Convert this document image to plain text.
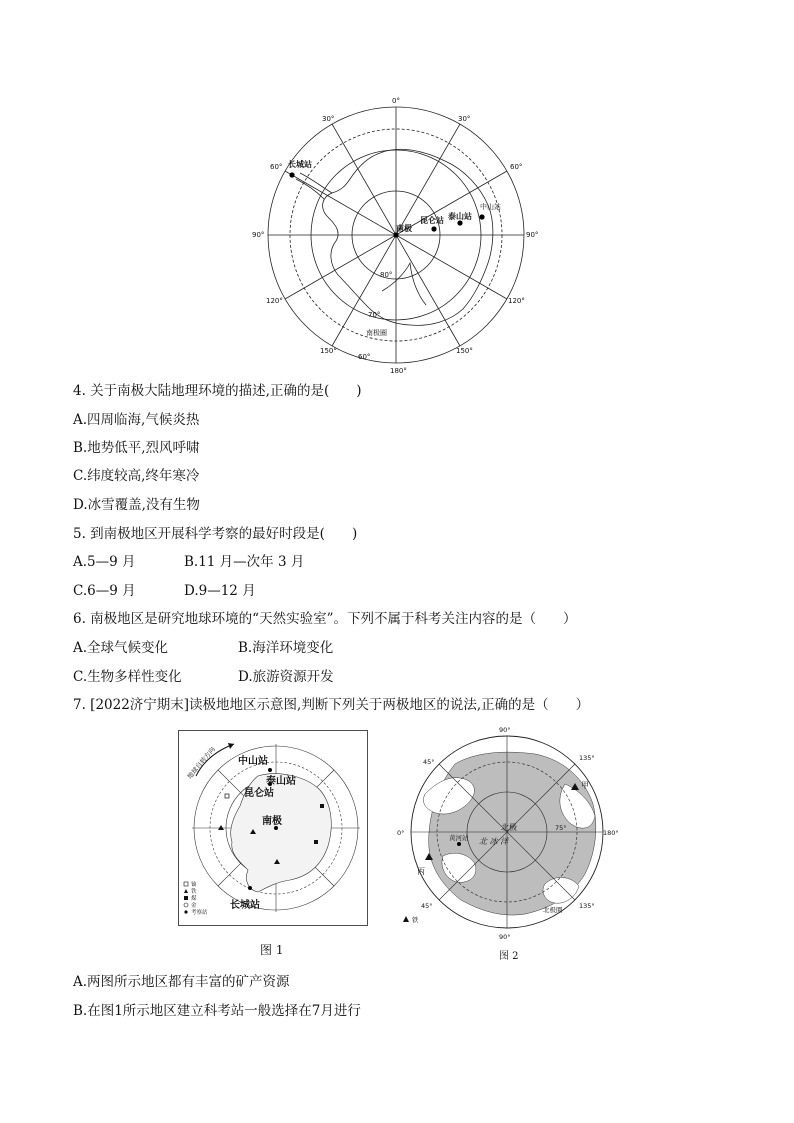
0°
30°	30°
60°	60°
90°	90°
120°	120°
150°	150°
180°
80°
70°
南极圈
60°
长城站
南极
昆仑站 泰山站
中山站
4. 关于南极大陆地理环境的描述,正确的是(　　)
A.四周临海,气候炎热
B.地势低平,烈风呼啸
C.纬度较高,终年寒冷
D.冰雪覆盖,没有生物
5. 到南极地区开展科学考察的最好时段是(　　)
A.5—9 月	B.11 月—次年 3 月
C.6—9 月	D.9—12 月
6. 南极地区是研究地球环境的“天然实验室”。下列不属于科考关注内容的是（　　）
A.全球气候变化	B.海洋环境变化
C.生物多样性变化	D.旅游资源开发
7. [2022济宁期末]读极地地区示意图,判断下列关于两极地区的说法,正确的是（　　）
地球自转方向 中山站
泰山站
昆仑站
南极
长城站
铀
铁
煤
金
考察站
图 1
90°
45°	135°
0°	180°
45°	135°
90°
75°
北极圈
黄河站
北极
北 冰 洋
甲
丙
铁
图 2
A.两图所示地区都有丰富的矿产资源
B.在图1所示地区建立科考站一般选择在7月进行
